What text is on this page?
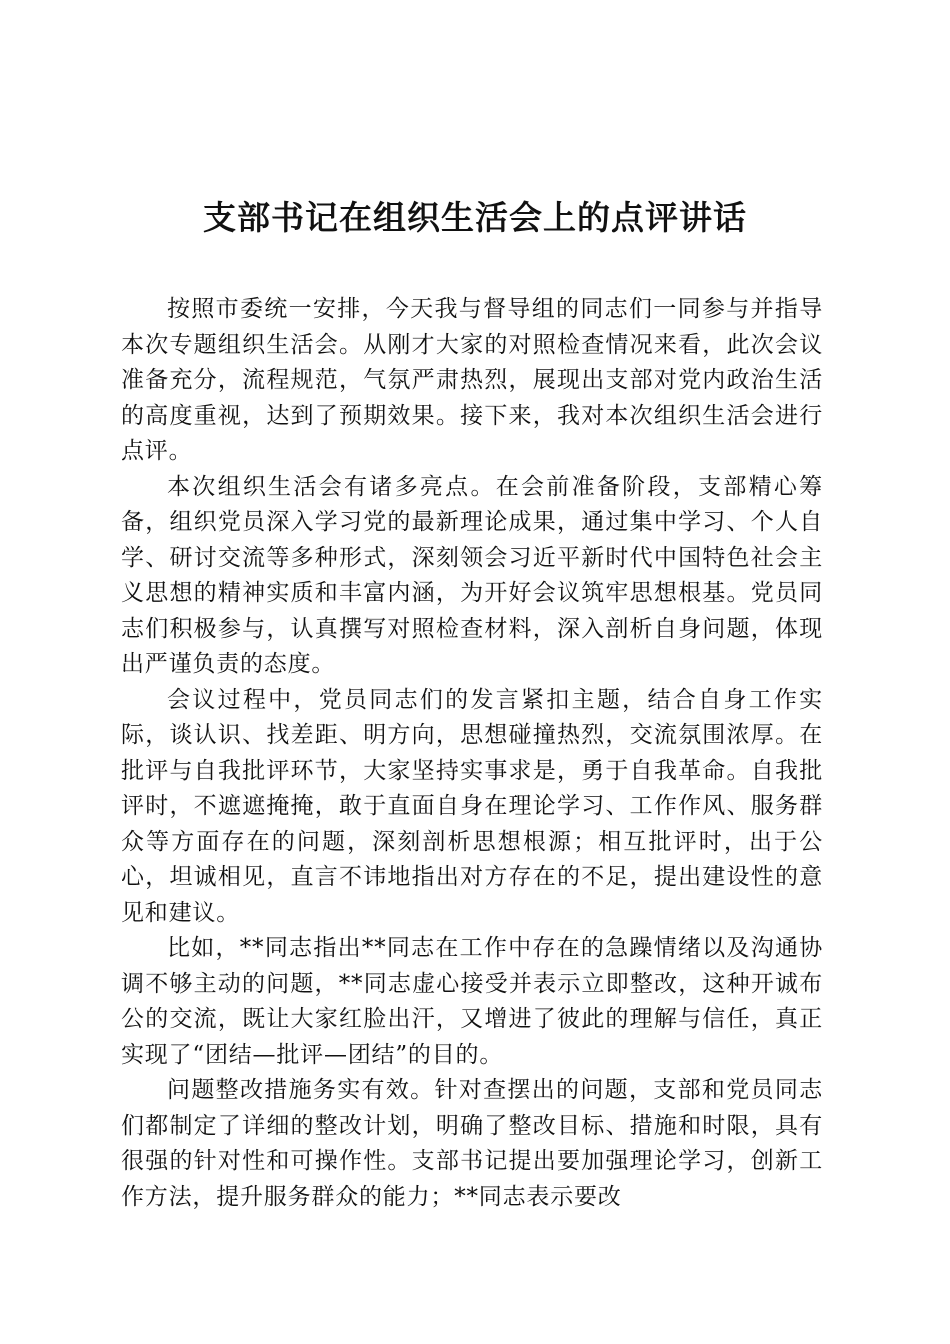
支部书记在组织生活会上的点评讲话

按照市委统一安排，今天我与督导组的同志们一同参与并指导本次专题组织生活会。从刚才大家的对照检查情况来看，此次会议准备充分，流程规范，气氛严肃热烈，展现出支部对党内政治生活的高度重视，达到了预期效果。接下来，我对本次组织生活会进行点评。

本次组织生活会有诸多亮点。在会前准备阶段，支部精心筹备，组织党员深入学习党的最新理论成果，通过集中学习、个人自学、研讨交流等多种形式，深刻领会习近平新时代中国特色社会主义思想的精神实质和丰富内涵，为开好会议筑牢思想根基。党员同志们积极参与，认真撰写对照检查材料，深入剖析自身问题，体现出严谨负责的态度。

会议过程中，党员同志们的发言紧扣主题，结合自身工作实际，谈认识、找差距、明方向，思想碰撞热烈，交流氛围浓厚。在批评与自我批评环节，大家坚持实事求是，勇于自我革命。自我批评时，不遮遮掩掩，敢于直面自身在理论学习、工作作风、服务群众等方面存在的问题，深刻剖析思想根源；相互批评时，出于公心，坦诚相见，直言不讳地指出对方存在的不足，提出建设性的意见和建议。

比如，**同志指出**同志在工作中存在的急躁情绪以及沟通协调不够主动的问题，**同志虚心接受并表示立即整改，这种开诚布公的交流，既让大家红脸出汗，又增进了彼此的理解与信任，真正实现了“团结—批评—团结”的目的。

问题整改措施务实有效。针对查摆出的问题，支部和党员同志们都制定了详细的整改计划，明确了整改目标、措施和时限，具有很强的针对性和可操作性。支部书记提出要加强理论学习，创新工作方法，提升服务群众的能力；**同志表示要改
